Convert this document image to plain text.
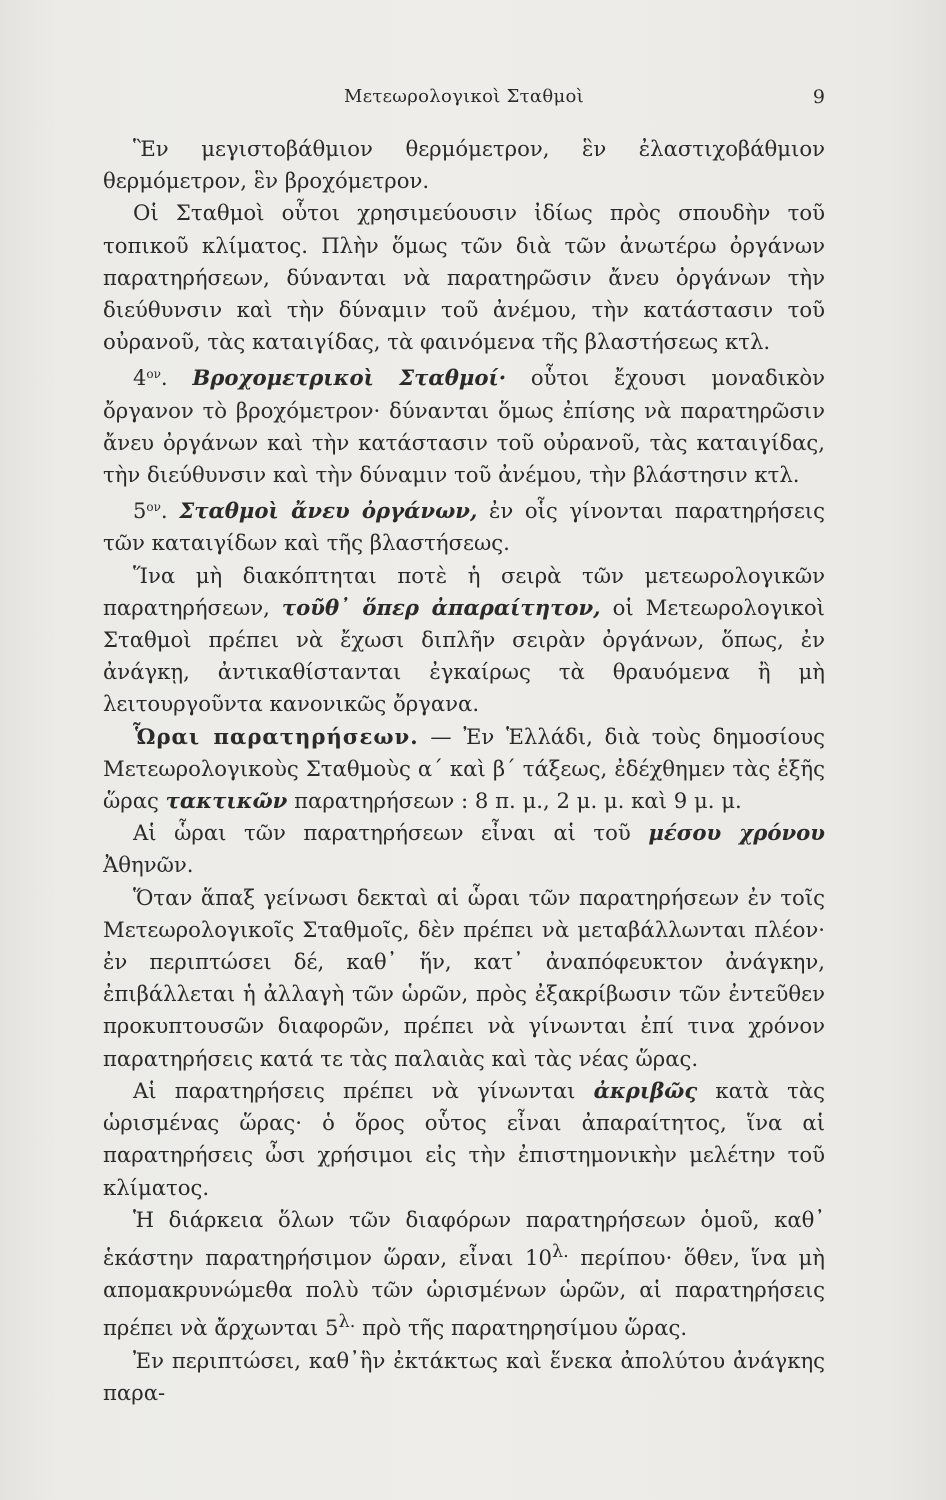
Μετεωρολογικοὶ Σταθμοὶ	9

Ἓν μεγιστοβάθμιον θερμόμετρον, ἓν ἐλαστιχοβάθμιον θερμόμετρον, ἓν βροχόμετρον.

Οἱ Σταθμοὶ οὗτοι χρησιμεύουσιν ἰδίως πρὸς σπουδὴν τοῦ τοπικοῦ κλίματος. Πλὴν ὅμως τῶν διὰ τῶν ἀνωτέρω ὀργάνων παρατηρήσεων, δύνανται νὰ παρατηρῶσιν ἄνευ ὀργάνων τὴν διεύθυνσιν καὶ τὴν δύναμιν τοῦ ἀνέμου, τὴν κατάστασιν τοῦ οὐρανοῦ, τὰς καταιγίδας, τὰ φαινόμενα τῆς βλαστήσεως κτλ.

$4^{o\nu}$. Βροχομετρικοὶ Σταθμοί· οὗτοι ἔχουσι μοναδικὸν ὄργανον τὸ βροχόμετρον· δύνανται ὅμως ἐπίσης νὰ παρατηρῶσιν ἄνευ ὀργάνων καὶ τὴν κατάστασιν τοῦ οὐρανοῦ, τὰς καταιγίδας, τὴν διεύθυνσιν καὶ τὴν δύναμιν τοῦ ἀνέμου, τὴν βλάστησιν κτλ.

$5^{o\nu}$. Σταθμοὶ ἄνευ ὀργάνων, ἐν οἷς γίνονται παρατηρήσεις τῶν καταιγίδων καὶ τῆς βλαστήσεως.

Ἵνα μὴ διακόπτηται ποτὲ ἡ σειρὰ τῶν μετεωρολογικῶν παρατηρήσεων, τοῦθ᾽ ὅπερ ἀπαραίτητον, οἱ Μετεωρολογικοὶ Σταθμοὶ πρέπει νὰ ἔχωσι διπλῆν σειρὰν ὀργάνων, ὅπως, ἐν ἀνάγκῃ, ἀντικαθίστανται ἐγκαίρως τὰ θραυόμενα ἢ μὴ λειτουργοῦντα κανονικῶς ὄργανα.

Ὧραι παρατηρήσεων. — Ἐν Ἑλλάδι, διὰ τοὺς δημοσίους Μετεωρολογικοὺς Σταθμοὺς α΄ καὶ β΄ τάξεως, ἐδέχθημεν τὰς ἑξῆς ὥρας τακτικῶν παρατηρήσεων : 8 π. μ., 2 μ. μ. καὶ 9 μ. μ.

Αἱ ὧραι τῶν παρατηρήσεων εἶναι αἱ τοῦ μέσου χρόνου Ἀθηνῶν.

Ὅταν ἅπαξ γείνωσι δεκταὶ αἱ ὧραι τῶν παρατηρήσεων ἐν τοῖς Μετεωρολογικοῖς Σταθμοῖς, δὲν πρέπει νὰ μεταβάλλωνται πλέον· ἐν περιπτώσει δέ, καθ᾽ ἥν, κατ᾽ ἀναπόφευκτον ἀνάγκην, ἐπιβάλλεται ἡ ἀλλαγὴ τῶν ὡρῶν, πρὸς ἐξακρίβωσιν τῶν ἐντεῦθεν προκυπτουσῶν διαφορῶν, πρέπει νὰ γίνωνται ἐπί τινα χρόνον παρατηρήσεις κατά τε τὰς παλαιὰς καὶ τὰς νέας ὥρας.

Αἱ παρατηρήσεις πρέπει νὰ γίνωνται ἀκριβῶς κατὰ τὰς ὡρισμένας ὥρας· ὁ ὅρος οὗτος εἶναι ἀπαραίτητος, ἵνα αἱ παρατηρήσεις ὦσι χρήσιμοι εἰς τὴν ἐπιστημονικὴν μελέτην τοῦ κλίματος.

Ἡ διάρκεια ὅλων τῶν διαφόρων παρατηρήσεων ὁμοῦ, καθ᾽ ἑκάστην παρατηρήσιμον ὥραν, εἶναι $10^{\lambda.}$ περίπου· ὅθεν, ἵνα μὴ απομακρυνώμεθα πολὺ τῶν ὡρισμένων ὡρῶν, αἱ παρατηρήσεις πρέπει νὰ ἄρχωνται $5^{\lambda.}$ πρὸ τῆς παρατηρησίμου ὥρας.

Ἐν περιπτώσει, καθ᾽ἣν ἐκτάκτως καὶ ἕνεκα ἀπολύτου ἀνάγκης παρα-
